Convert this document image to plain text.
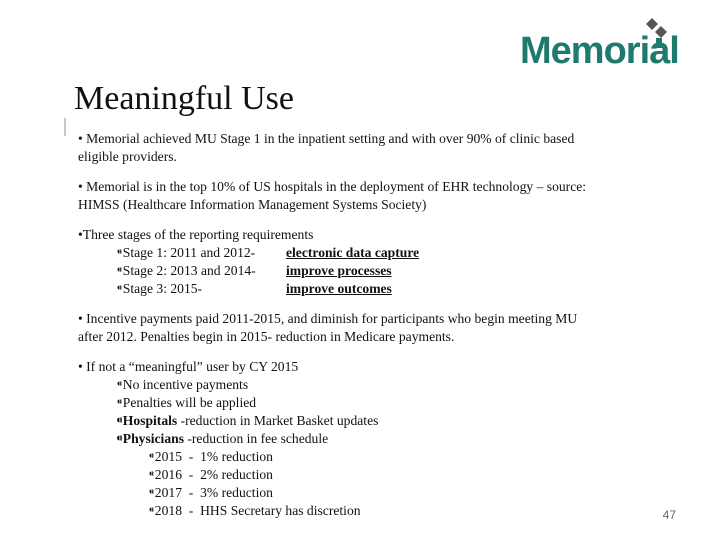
Memorial
Meaningful Use

• Memorial achieved MU Stage 1 in the inpatient setting and with over 90% of clinic based
eligible providers.

• Memorial is in the top 10% of US hospitals in the deployment of EHR technology – source:
HIMSS (Healthcare Information Management Systems Society)

•Three stages of the reporting requirements
⁌Stage 1: 2011 and 2012-	electronic data capture
⁌Stage 2: 2013 and 2014-	improve processes
⁌Stage 3: 2015-	improve outcomes

• Incentive payments paid 2011-2015, and diminish for participants who begin meeting MU
after 2012. Penalties begin in 2015- reduction in Medicare payments.

• If not a “meaningful” user by CY 2015
⁌No incentive payments
⁌Penalties will be applied
⁌Hospitals -reduction in Market Basket updates
⁌Physicians -reduction in fee schedule
⁌2015  -  1% reduction
⁌2016  -  2% reduction
⁌2017  -  3% reduction
⁌2018  -  HHS Secretary has discretion	47
